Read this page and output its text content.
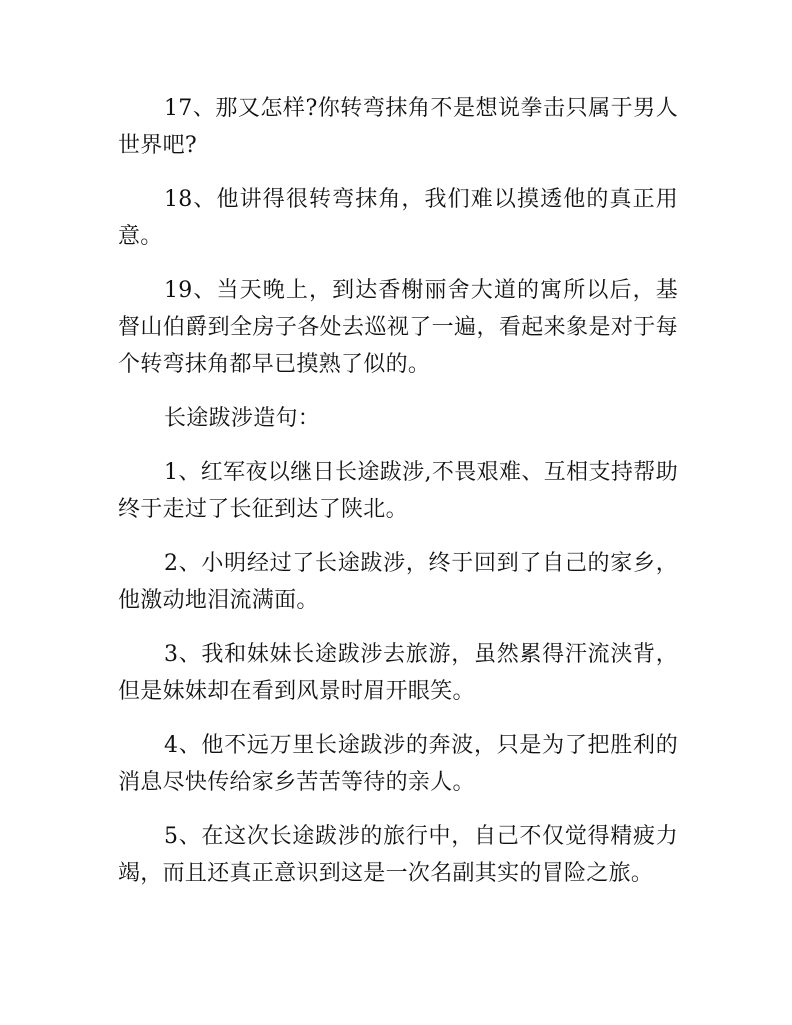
17、那又怎样?你转弯抹角不是想说拳击只属于男人世界吧?

18、他讲得很转弯抹角，我们难以摸透他的真正用意。

19、当天晚上，到达香榭丽舍大道的寓所以后，基督山伯爵到全房子各处去巡视了一遍，看起来象是对于每个转弯抹角都早已摸熟了似的。

长途跋涉造句：

1、红军夜以继日长途跋涉,不畏艰难、互相支持帮助终于走过了长征到达了陕北。

2、小明经过了长途跋涉，终于回到了自己的家乡，他激动地泪流满面。

3、我和妹妹长途跋涉去旅游，虽然累得汗流浃背，但是妹妹却在看到风景时眉开眼笑。

4、他不远万里长途跋涉的奔波，只是为了把胜利的消息尽快传给家乡苦苦等待的亲人。

5、在这次长途跋涉的旅行中，自己不仅觉得精疲力竭，而且还真正意识到这是一次名副其实的冒险之旅。
